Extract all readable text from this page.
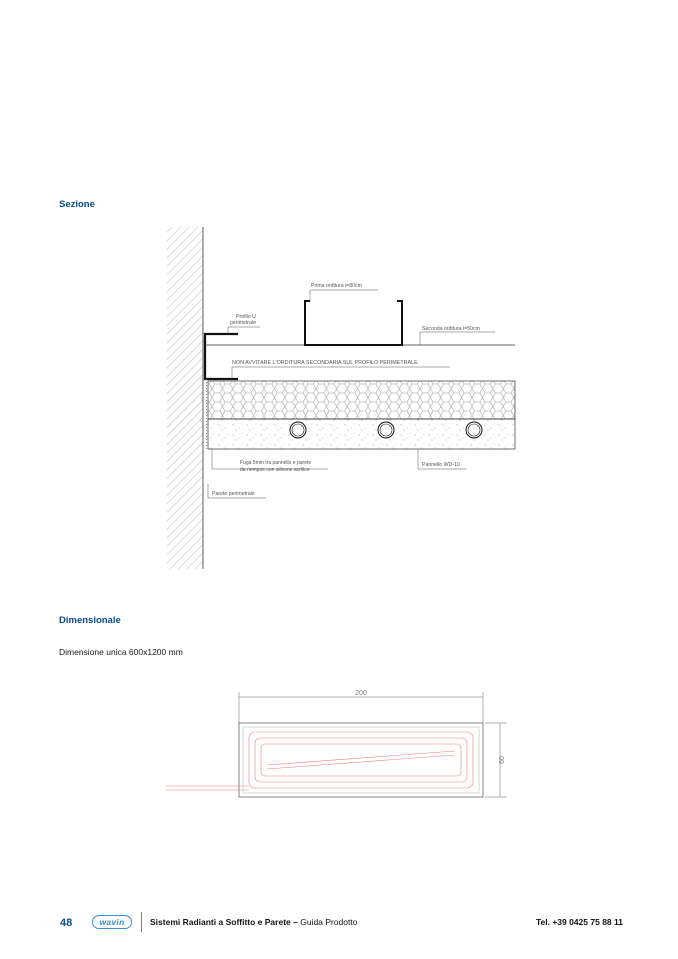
Sezione
Prima orditura i=80cm
Profilo U
perimetrale
Seconda orditura i=50cm
NON AVVITARE L'ORDITURA SECONDARIA SUL PROFILO PERIMETRALE
Fuga 5mm tra pannello e parete
da riempire con silicone acrilico
Pannello WD-10
Parete perimetrale
Dimensionale
Dimensione unica 600x1200 mm
200
60
48	wavin	Sistemi Radianti a Soffitto e Parete – Guida Prodotto	Tel. +39 0425 75 88 11
